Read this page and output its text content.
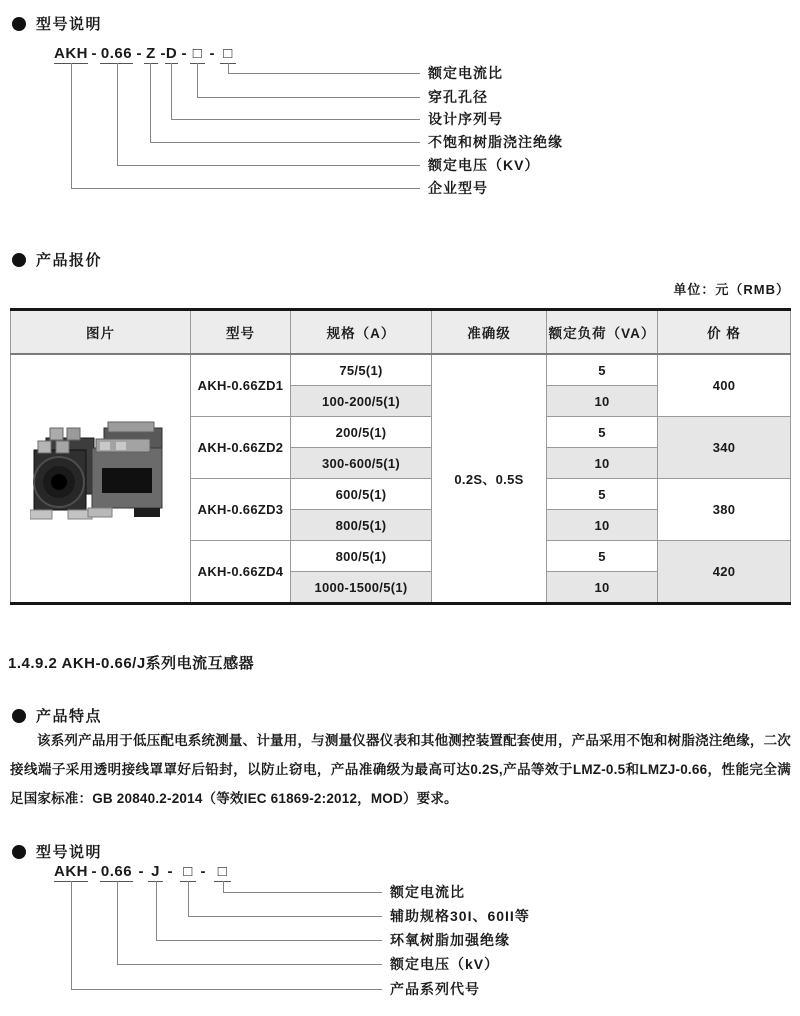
型号说明
AKH - 0.66 - Z - D - □ - □
额定电流比
穿孔孔径
设计序列号
不饱和树脂浇注绝缘
额定电压（KV）
企业型号
产品报价
单位：元（RMB）
图片	型号	规格（A）	准确级	额定负荷（VA）	价 格
	AKH-0.66ZD1	75/5(1)	0.2S、0.5S	5	400
		100-200/5(1)		10	
	AKH-0.66ZD2	200/5(1)		5	340
		300-600/5(1)		10	
	AKH-0.66ZD3	600/5(1)		5	380
		800/5(1)		10	
	AKH-0.66ZD4	800/5(1)		5	420
		1000-1500/5(1)		10	
1.4.9.2 AKH-0.66/J系列电流互感器
产品特点
该系列产品用于低压配电系统测量、计量用，与测量仪器仪表和其他测控装置配套使用，产品采用不饱和树脂浇注绝缘，二次接线端子采用透明接线罩罩好后铅封，以防止窃电，产品准确级为最高可达0.2S,产品等效于LMZ-0.5和LMZJ-0.66，性能完全满足国家标准：GB 20840.2-2014（等效IEC 61869-2:2012，MOD）要求。
型号说明
AKH - 0.66 - J - □ - □
额定电流比
辅助规格30I、60II等
环氧树脂加强绝缘
额定电压（kV）
产品系列代号
